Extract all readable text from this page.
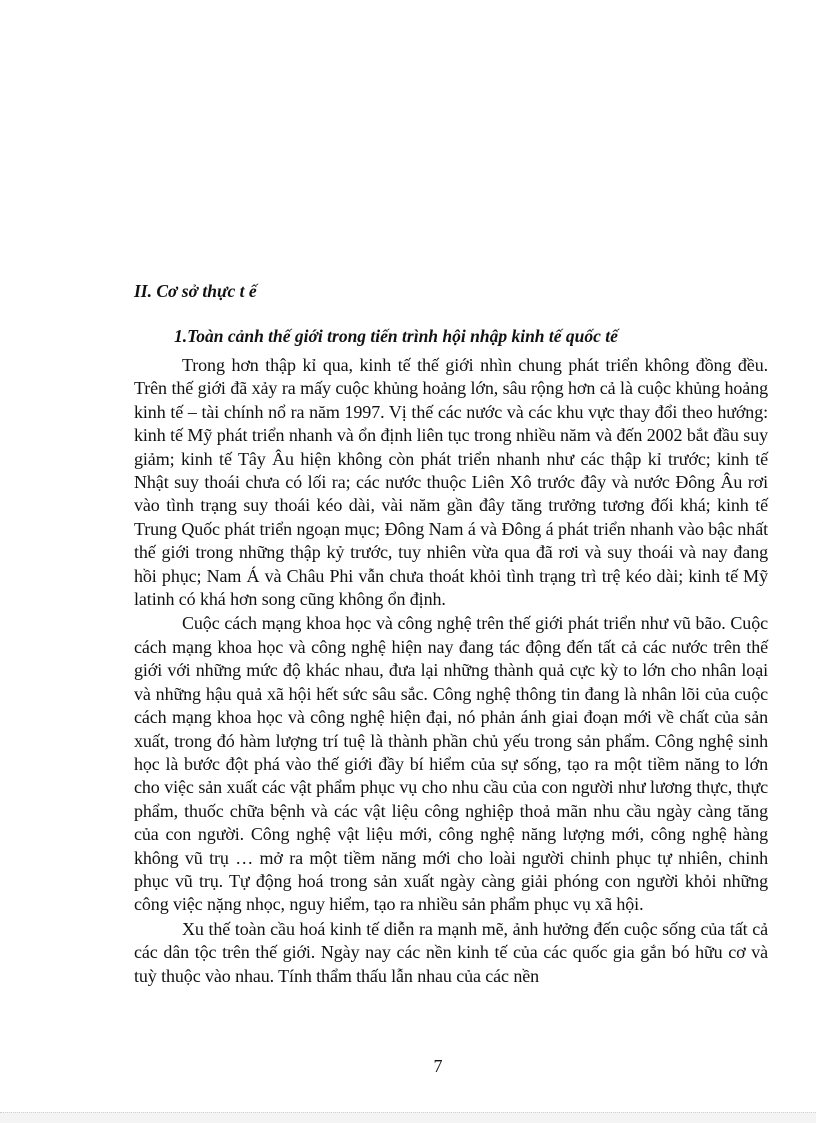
II. Cơ sở thực t ế
1.Toàn cảnh thế giới trong tiến trình hội nhập kinh tế quốc tế

Trong hơn thập kỉ qua, kinh tế thế giới nhìn chung phát triển không đồng đều. Trên thế giới đã xảy ra mấy cuộc khủng hoảng lớn, sâu rộng hơn cả là cuộc khủng hoảng kinh tế – tài chính nổ ra năm 1997. Vị thế các nước và các khu vực thay đổi theo hướng: kinh tế Mỹ phát triển nhanh và ổn định liên tục trong nhiều năm và đến 2002 bắt đầu suy giảm; kinh tế Tây Âu hiện không còn phát triển nhanh như các thập kỉ trước; kinh tế Nhật suy thoái chưa có lối ra; các nước thuộc Liên Xô trước đây và nước Đông Âu rơi vào tình trạng suy thoái kéo dài, vài năm gần đây tăng trưởng tương đối khá; kinh tế Trung Quốc phát triển ngoạn mục; Đông Nam á và Đông á phát triển nhanh vào bậc nhất thế giới trong những thập kỷ trước, tuy nhiên vừa qua đã rơi và suy thoái và nay đang hồi phục; Nam Á và Châu Phi vẫn chưa thoát khỏi tình trạng trì trệ kéo dài; kinh tế Mỹ latinh có khá hơn song cũng không ổn định.

Cuộc cách mạng khoa học và công nghệ trên thế giới phát triển như vũ bão. Cuộc cách mạng khoa học và công nghệ hiện nay đang tác động đến tất cả các nước trên thế giới với những mức độ khác nhau, đưa lại những thành quả cực kỳ to lớn cho nhân loại và những hậu quả xã hội hết sức sâu sắc. Công nghệ thông tin đang là nhân lõi của cuộc cách mạng khoa học và công nghệ hiện đại, nó phản ánh giai đoạn mới về chất của sản xuất, trong đó hàm lượng trí tuệ là thành phần chủ yếu trong sản phẩm. Công nghệ sinh học là bước đột phá vào thế giới đầy bí hiểm của sự sống, tạo ra một tiềm năng to lớn cho việc sản xuất các vật phẩm phục vụ cho nhu cầu của con người như lương thực, thực phẩm, thuốc chữa bệnh và các vật liệu công nghiệp thoả mãn nhu cầu ngày càng tăng của con người. Công nghệ vật liệu mới, công nghệ năng lượng mới, công nghệ hàng không vũ trụ … mở ra một tiềm năng mới cho loài người chinh phục tự nhiên, chinh phục vũ trụ. Tự động hoá trong sản xuất ngày càng giải phóng con người khỏi những công việc nặng nhọc, nguy hiểm, tạo ra nhiều sản phẩm phục vụ xã hội.

Xu thế toàn cầu hoá kinh tế diễn ra mạnh mẽ, ảnh hưởng đến cuộc sống của tất cả các dân tộc trên thế giới. Ngày nay các nền kinh tế của các quốc gia gắn bó hữu cơ và tuỳ thuộc vào nhau. Tính thẩm thấu lẫn nhau của các nền

7
